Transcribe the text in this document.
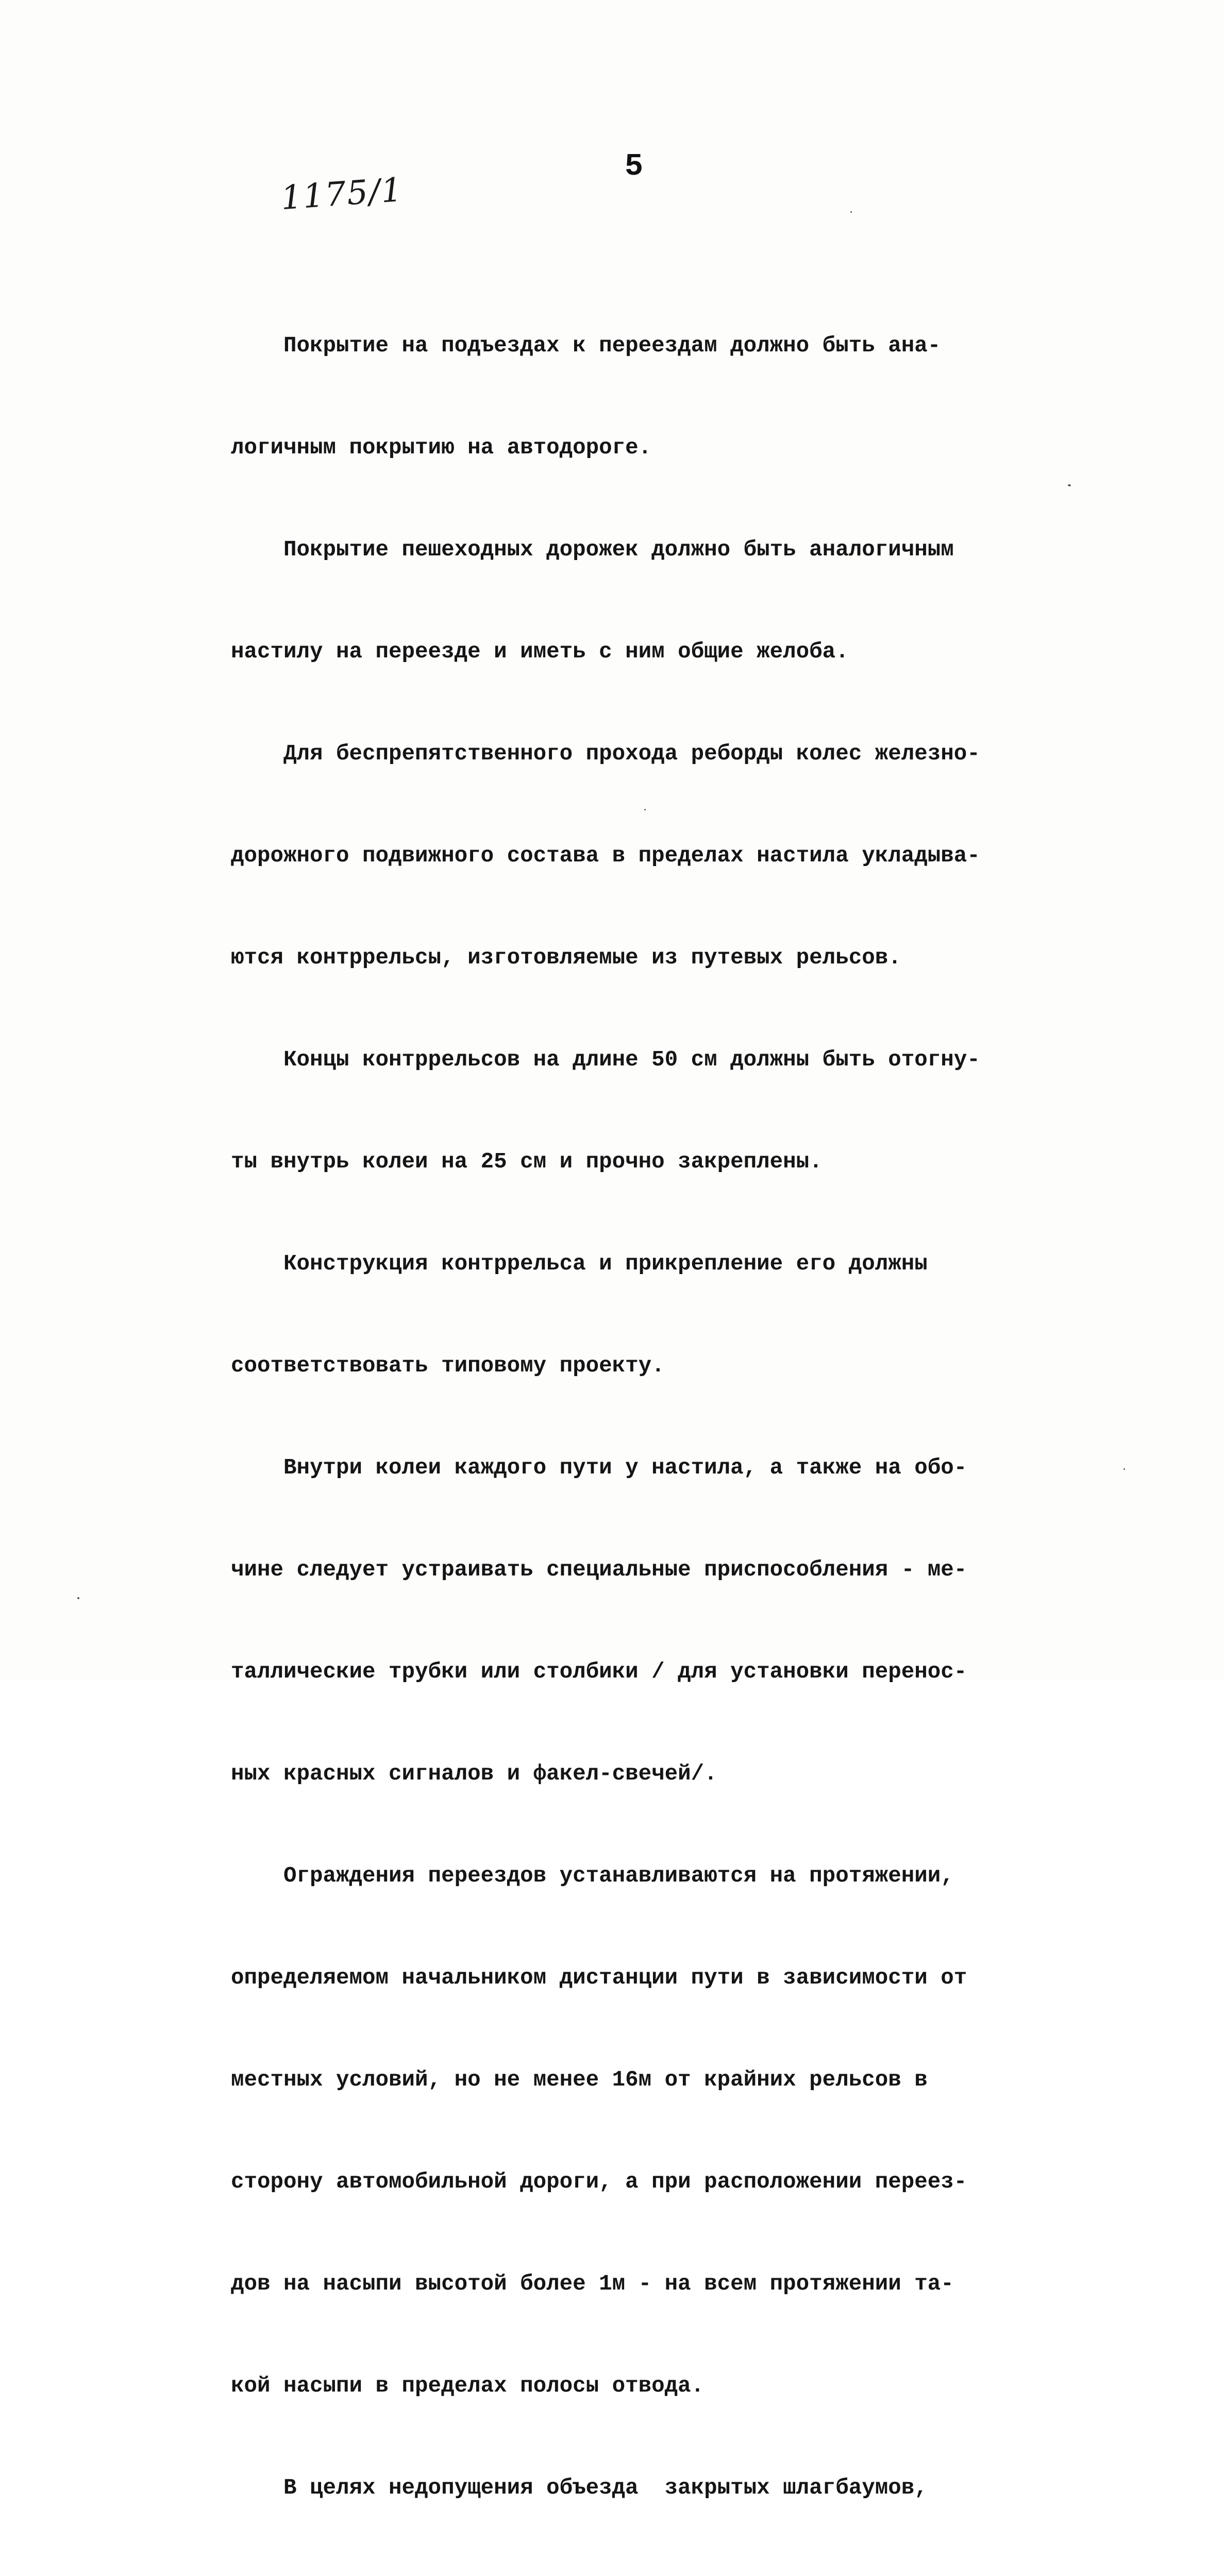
1175/1
5

Покрытие на подъездах к переездам должно быть ана-

логичным покрытию на автодороге.

Покрытие пешеходных дорожек должно быть аналогичным

настилу на переезде и иметь с ним общие желоба.

Для беспрепятственного прохода реборды колес железно-

дорожного подвижного состава в пределах настила укладыва-

ются контррельсы, изготовляемые из путевых рельсов.

Концы контррельсов на длине 50 см должны быть отогну-

ты внутрь колеи на 25 см и прочно закреплены.

Конструкция контррельса и прикрепление его должны

соответствовать типовому проекту.

Внутри колеи каждого пути у настила, а также на обо-

чине следует устраивать специальные приспособления - ме-

таллические трубки или столбики / для установки перенос-

ных красных сигналов и факел-свечей/.

Ограждения переездов устанавливаются на протяжении,

определяемом начальником дистанции пути в зависимости от

местных условий, но не менее 16м от крайних рельсов в

сторону автомобильной дороги, а при расположении переез-

дов на насыпи высотой более 1м - на всем протяжении та-

кой насыпи в пределах полосы отвода.

В целях недопущения объезда  закрытых шлагбаумов,
